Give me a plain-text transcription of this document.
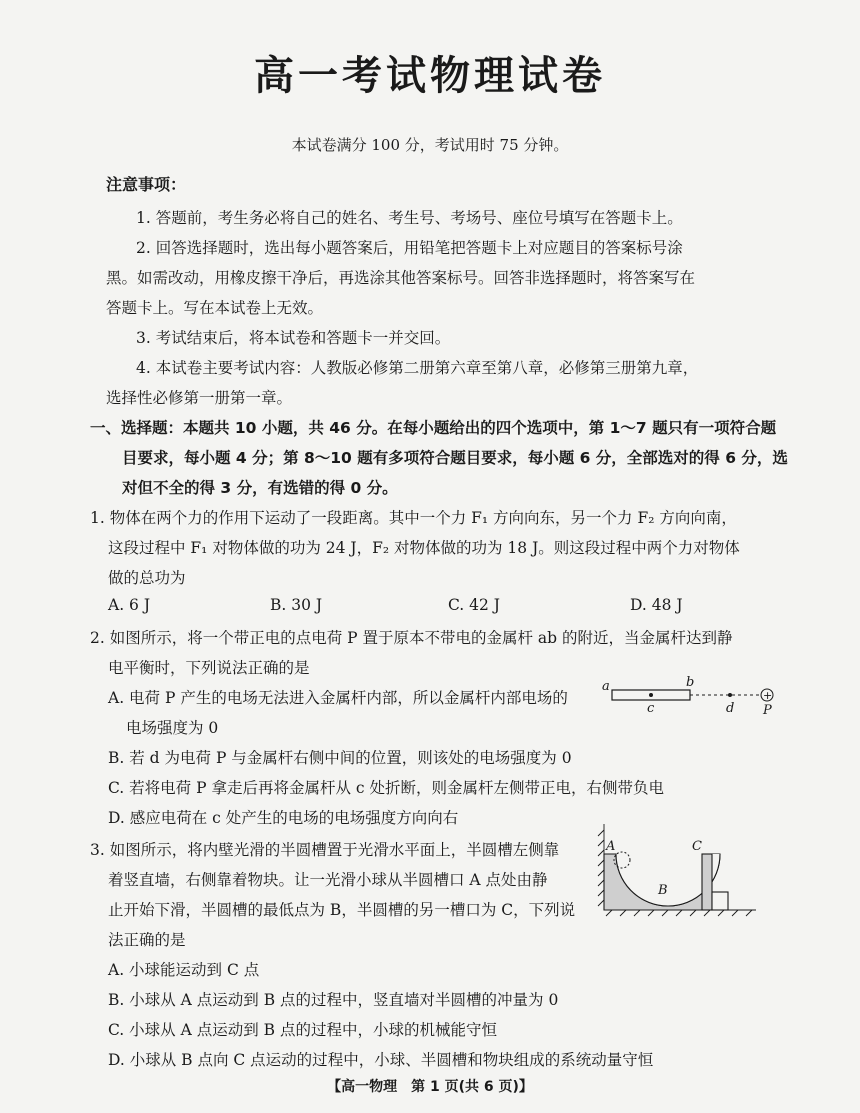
高一考试物理试卷
本试卷满分 100 分，考试用时 75 分钟。
注意事项：
1. 答题前，考生务必将自己的姓名、考生号、考场号、座位号填写在答题卡上。
2. 回答选择题时，选出每小题答案后，用铅笔把答题卡上对应题目的答案标号涂
黑。如需改动，用橡皮擦干净后，再选涂其他答案标号。回答非选择题时，将答案写在
答题卡上。写在本试卷上无效。
3. 考试结束后，将本试卷和答题卡一并交回。
4. 本试卷主要考试内容：人教版必修第二册第六章至第八章，必修第三册第九章，
选择性必修第一册第一章。
一、选择题：本题共 10 小题，共 46 分。在每小题给出的四个选项中，第 1～7 题只有一项符合题
目要求，每小题 4 分；第 8～10 题有多项符合题目要求，每小题 6 分，全部选对的得 6 分，选
对但不全的得 3 分，有选错的得 0 分。
1. 物体在两个力的作用下运动了一段距离。其中一个力 F₁ 方向向东，另一个力 F₂ 方向向南，
这段过程中 F₁ 对物体做的功为 24 J，F₂ 对物体做的功为 18 J。则这段过程中两个力对物体
做的总功为
A. 6 J	B. 30 J	C. 42 J	D. 48 J
2. 如图所示，将一个带正电的点电荷 P 置于原本不带电的金属杆 ab 的附近，当金属杆达到静
电平衡时，下列说法正确的是
A. 电荷 P 产生的电场无法进入金属杆内部，所以金属杆内部电场的
电场强度为 0
B. 若 d 为电荷 P 与金属杆右侧中间的位置，则该处的电场强度为 0
C. 若将电荷 P 拿走后再将金属杆从 c 处折断，则金属杆左侧带正电，右侧带负电
D. 感应电荷在 c 处产生的电场的电场强度方向向右
a	b
c	d
+
P
3. 如图所示，将内壁光滑的半圆槽置于光滑水平面上，半圆槽左侧靠
着竖直墙，右侧靠着物块。让一光滑小球从半圆槽口 A 点处由静
止开始下滑，半圆槽的最低点为 B，半圆槽的另一槽口为 C，下列说
法正确的是
A. 小球能运动到 C 点
B. 小球从 A 点运动到 B 点的过程中，竖直墙对半圆槽的冲量为 0
C. 小球从 A 点运动到 B 点的过程中，小球的机械能守恒
D. 小球从 B 点向 C 点运动的过程中，小球、半圆槽和物块组成的系统动量守恒
A
B
C
【高一物理　第 1 页(共 6 页)】
